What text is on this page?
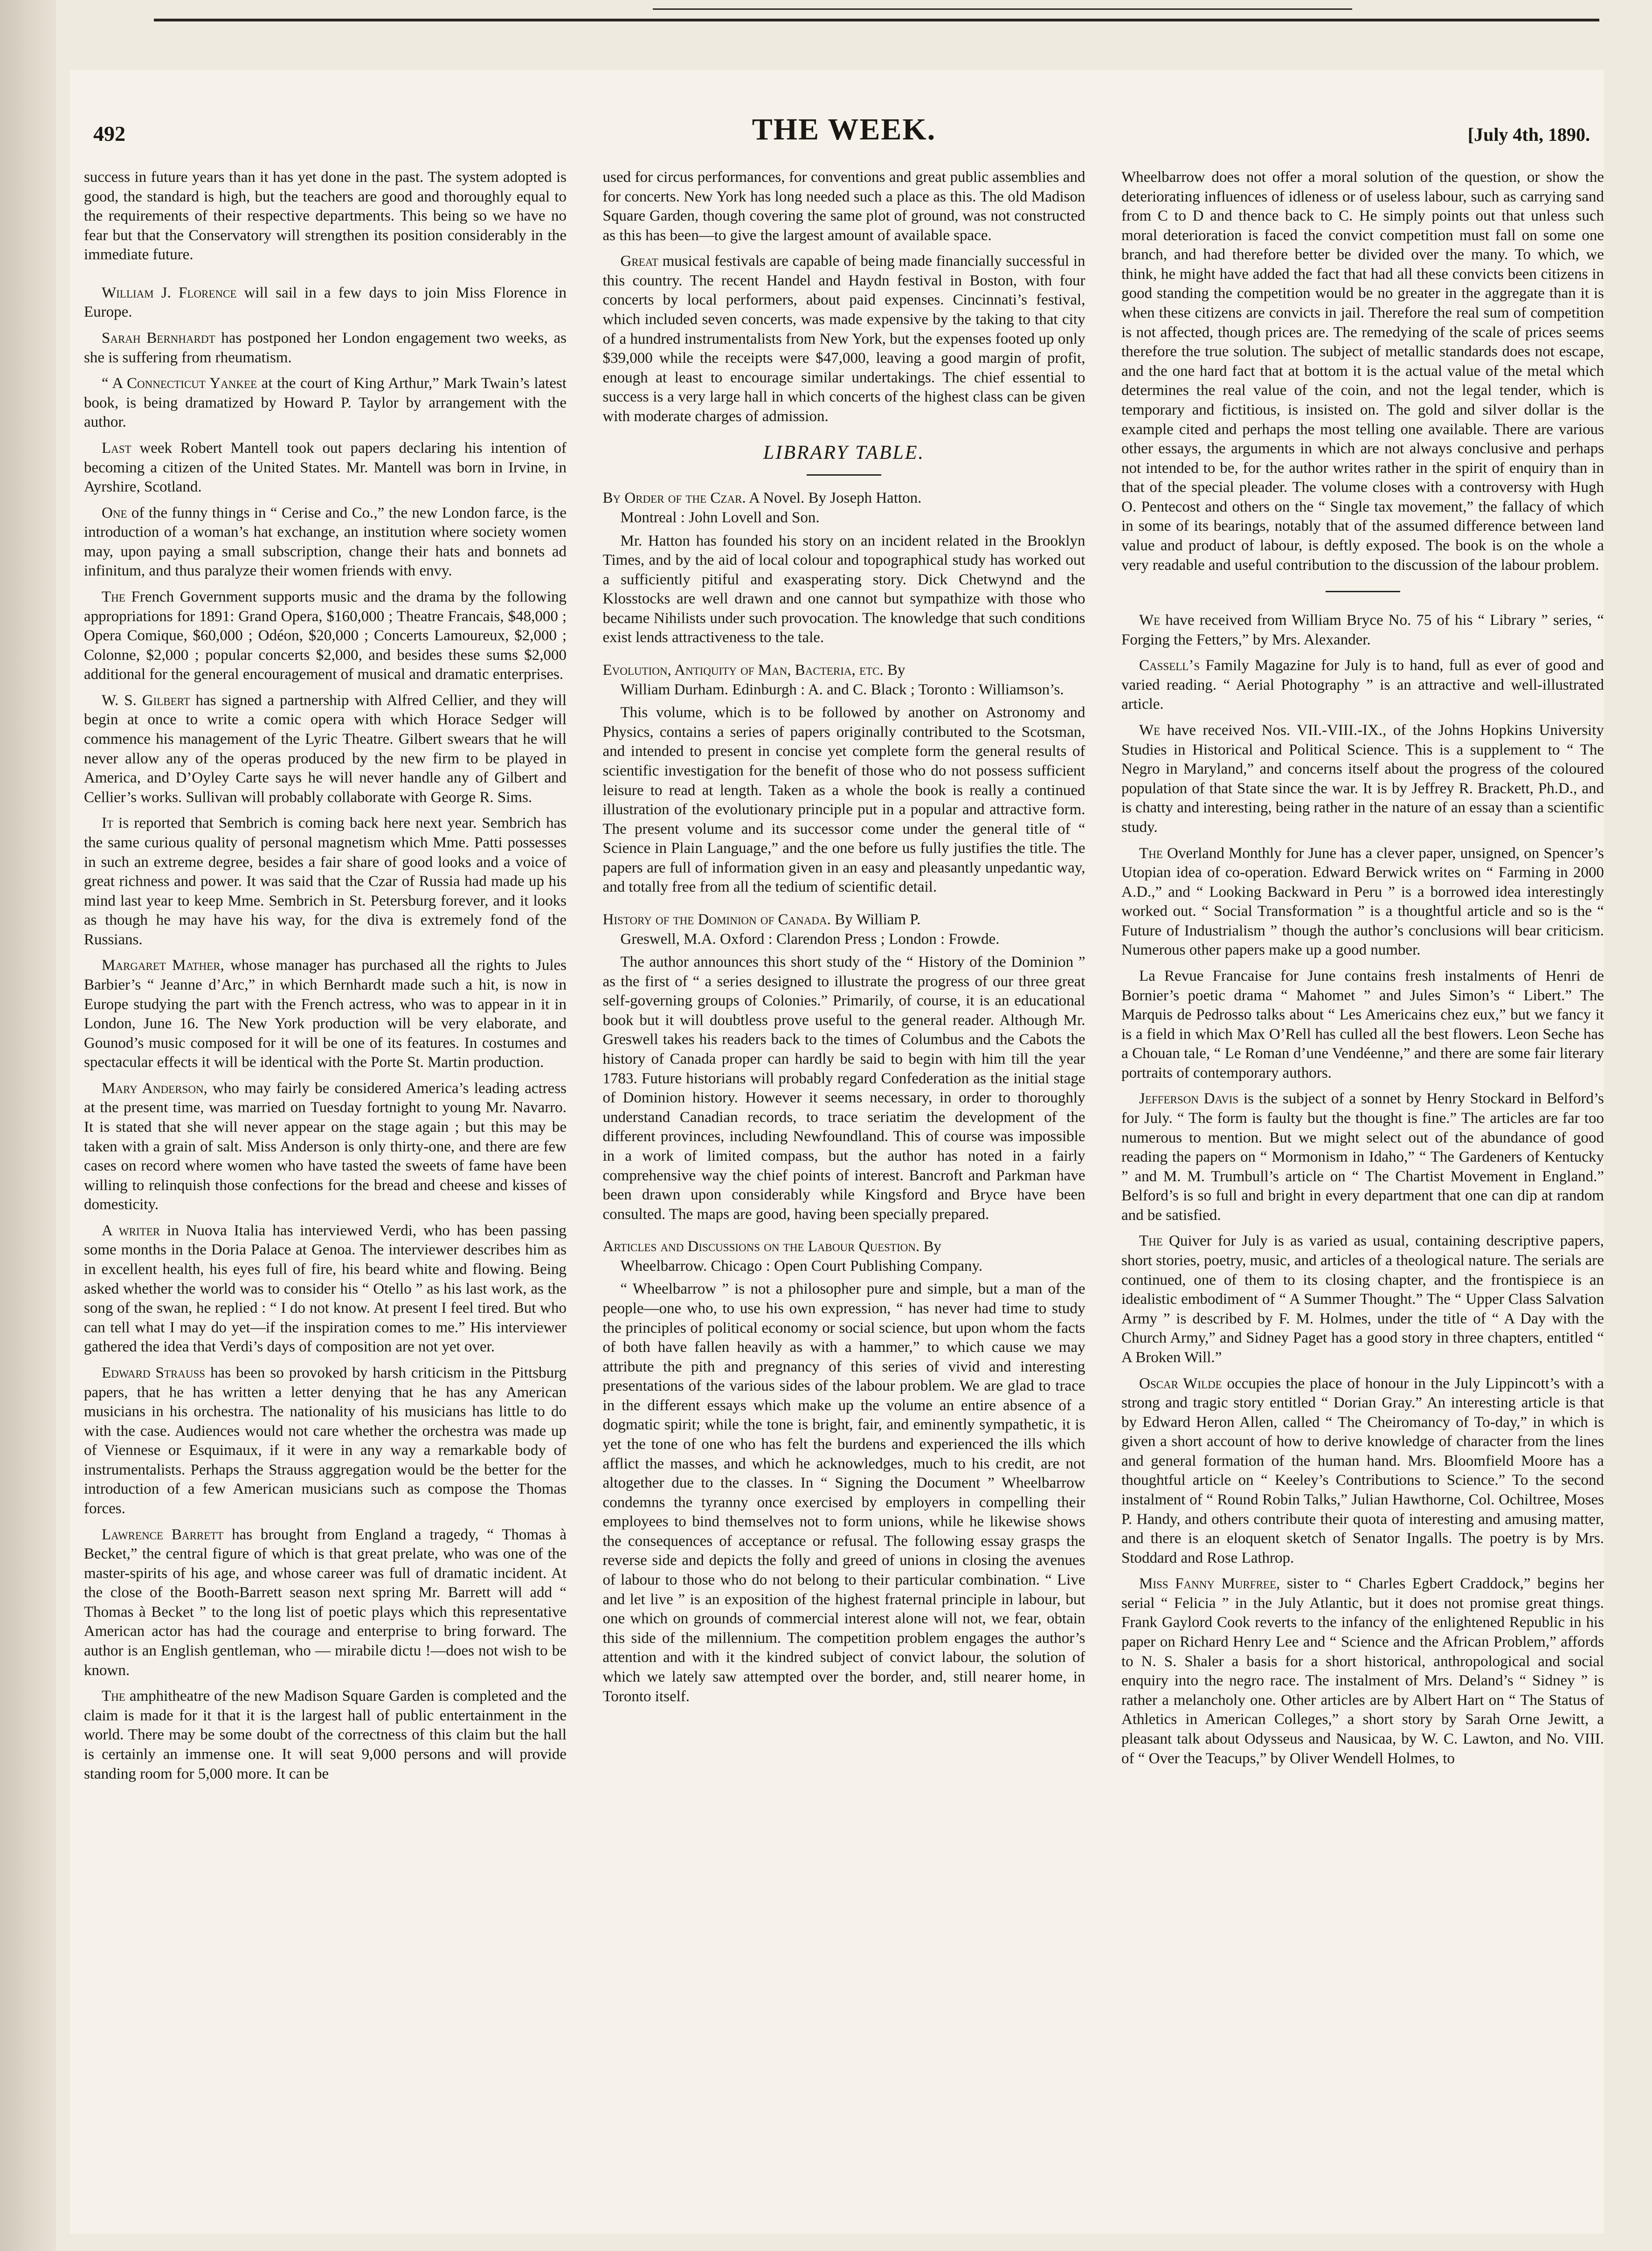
492	THE WEEK.	[July 4th, 1890.

success in future years than it has yet done in the past. The system adopted is good, the standard is high, but the teachers are good and thoroughly equal to the requirements of their respective departments. This being so we have no fear but that the Conservatory will strengthen its position considerably in the immediate future.

William J. Florence will sail in a few days to join Miss Florence in Europe.

Sarah Bernhardt has postponed her London engagement two weeks, as she is suffering from rheumatism.

“ A Connecticut Yankee at the court of King Arthur,” Mark Twain’s latest book, is being dramatized by Howard P. Taylor by arrangement with the author.

Last week Robert Mantell took out papers declaring his intention of becoming a citizen of the United States. Mr. Mantell was born in Irvine, in Ayrshire, Scotland.

One of the funny things in “ Cerise and Co.,” the new London farce, is the introduction of a woman’s hat exchange, an institution where society women may, upon paying a small subscription, change their hats and bonnets ad infinitum, and thus paralyze their women friends with envy.

The French Government supports music and the drama by the following appropriations for 1891: Grand Opera, $160,000 ; Theatre Francais, $48,000 ; Opera Comique, $60,000 ; Odéon, $20,000 ; Concerts Lamoureux, $2,000 ; Colonne, $2,000 ; popular concerts $2,000, and besides these sums $2,000 additional for the general encouragement of musical and dramatic enterprises.

W. S. Gilbert has signed a partnership with Alfred Cellier, and they will begin at once to write a comic opera with which Horace Sedger will commence his management of the Lyric Theatre. Gilbert swears that he will never allow any of the operas produced by the new firm to be played in America, and D’Oyley Carte says he will never handle any of Gilbert and Cellier’s works. Sullivan will probably collaborate with George R. Sims.

It is reported that Sembrich is coming back here next year. Sembrich has the same curious quality of personal magnetism which Mme. Patti possesses in such an extreme degree, besides a fair share of good looks and a voice of great richness and power. It was said that the Czar of Russia had made up his mind last year to keep Mme. Sembrich in St. Petersburg forever, and it looks as though he may have his way, for the diva is extremely fond of the Russians.

Margaret Mather, whose manager has purchased all the rights to Jules Barbier’s “ Jeanne d’Arc,” in which Bernhardt made such a hit, is now in Europe studying the part with the French actress, who was to appear in it in London, June 16. The New York production will be very elaborate, and Gounod’s music composed for it will be one of its features. In costumes and spectacular effects it will be identical with the Porte St. Martin production.

Mary Anderson, who may fairly be considered America’s leading actress at the present time, was married on Tuesday fortnight to young Mr. Navarro. It is stated that she will never appear on the stage again ; but this may be taken with a grain of salt. Miss Anderson is only thirty-one, and there are few cases on record where women who have tasted the sweets of fame have been willing to relinquish those confections for the bread and cheese and kisses of domesticity.

A writer in Nuova Italia has interviewed Verdi, who has been passing some months in the Doria Palace at Genoa. The interviewer describes him as in excellent health, his eyes full of fire, his beard white and flowing. Being asked whether the world was to consider his “ Otello ” as his last work, as the song of the swan, he replied : “ I do not know. At present I feel tired. But who can tell what I may do yet—if the inspiration comes to me.” His interviewer gathered the idea that Verdi’s days of composition are not yet over.

Edward Strauss has been so provoked by harsh criticism in the Pittsburg papers, that he has written a letter denying that he has any American musicians in his orchestra. The nationality of his musicians has little to do with the case. Audiences would not care whether the orchestra was made up of Viennese or Esquimaux, if it were in any way a remarkable body of instrumentalists. Perhaps the Strauss aggregation would be the better for the introduction of a few American musicians such as compose the Thomas forces.

Lawrence Barrett has brought from England a tragedy, “ Thomas à Becket,” the central figure of which is that great prelate, who was one of the master-spirits of his age, and whose career was full of dramatic incident. At the close of the Booth-Barrett season next spring Mr. Barrett will add “ Thomas à Becket ” to the long list of poetic plays which this representative American actor has had the courage and enterprise to bring forward. The author is an English gentleman, who — mirabile dictu !—does not wish to be known.

The amphitheatre of the new Madison Square Garden is completed and the claim is made for it that it is the largest hall of public entertainment in the world. There may be some doubt of the correctness of this claim but the hall is certainly an immense one. It will seat 9,000 persons and will provide standing room for 5,000 more. It can be

used for circus performances, for conventions and great public assemblies and for concerts. New York has long needed such a place as this. The old Madison Square Garden, though covering the same plot of ground, was not constructed as this has been—to give the largest amount of available space.

Great musical festivals are capable of being made financially successful in this country. The recent Handel and Haydn festival in Boston, with four concerts by local performers, about paid expenses. Cincinnati’s festival, which included seven concerts, was made expensive by the taking to that city of a hundred instrumentalists from New York, but the expenses footed up only $39,000 while the receipts were $47,000, leaving a good margin of profit, enough at least to encourage similar undertakings. The chief essential to success is a very large hall in which concerts of the highest class can be given with moderate charges of admission.

LIBRARY TABLE.
By Order of the Czar. A Novel. By Joseph Hatton.
Montreal : John Lovell and Son.

Mr. Hatton has founded his story on an incident related in the Brooklyn Times, and by the aid of local colour and topographical study has worked out a sufficiently pitiful and exasperating story. Dick Chetwynd and the Klosstocks are well drawn and one cannot but sympathize with those who became Nihilists under such provocation. The knowledge that such conditions exist lends attractiveness to the tale.

Evolution, Antiquity of Man, Bacteria, etc. By
William Durham. Edinburgh : A. and C. Black ; Toronto : Williamson’s.

This volume, which is to be followed by another on Astronomy and Physics, contains a series of papers originally contributed to the Scotsman, and intended to present in concise yet complete form the general results of scientific investigation for the benefit of those who do not possess sufficient leisure to read at length. Taken as a whole the book is really a continued illustration of the evolutionary principle put in a popular and attractive form. The present volume and its successor come under the general title of “ Science in Plain Language,” and the one before us fully justifies the title. The papers are full of information given in an easy and pleasantly unpedantic way, and totally free from all the tedium of scientific detail.

History of the Dominion of Canada. By William P.
Greswell, M.A. Oxford : Clarendon Press ; London : Frowde.

The author announces this short study of the “ History of the Dominion ” as the first of “ a series designed to illustrate the progress of our three great self-governing groups of Colonies.” Primarily, of course, it is an educational book but it will doubtless prove useful to the general reader. Although Mr. Greswell takes his readers back to the times of Columbus and the Cabots the history of Canada proper can hardly be said to begin with him till the year 1783. Future historians will probably regard Confederation as the initial stage of Dominion history. However it seems necessary, in order to thoroughly understand Canadian records, to trace seriatim the development of the different provinces, including Newfoundland. This of course was impossible in a work of limited compass, but the author has noted in a fairly comprehensive way the chief points of interest. Bancroft and Parkman have been drawn upon considerably while Kingsford and Bryce have been consulted. The maps are good, having been specially prepared.

Articles and Discussions on the Labour Question. By
Wheelbarrow. Chicago : Open Court Publishing Company.

“ Wheelbarrow ” is not a philosopher pure and simple, but a man of the people—one who, to use his own expression, “ has never had time to study the principles of political economy or social science, but upon whom the facts of both have fallen heavily as with a hammer,” to which cause we may attribute the pith and pregnancy of this series of vivid and interesting presentations of the various sides of the labour problem. We are glad to trace in the different essays which make up the volume an entire absence of a dogmatic spirit; while the tone is bright, fair, and eminently sympathetic, it is yet the tone of one who has felt the burdens and experienced the ills which afflict the masses, and which he acknowledges, much to his credit, are not altogether due to the classes. In “ Signing the Document ” Wheelbarrow condemns the tyranny once exercised by employers in compelling their employees to bind themselves not to form unions, while he likewise shows the consequences of acceptance or refusal. The following essay grasps the reverse side and depicts the folly and greed of unions in closing the avenues of labour to those who do not belong to their particular combination. “ Live and let live ” is an exposition of the highest fraternal principle in labour, but one which on grounds of commercial interest alone will not, we fear, obtain this side of the millennium. The competition problem engages the author’s attention and with it the kindred subject of convict labour, the solution of which we lately saw attempted over the border, and, still nearer home, in Toronto itself.

Wheelbarrow does not offer a moral solution of the question, or show the deteriorating influences of idleness or of useless labour, such as carrying sand from C to D and thence back to C. He simply points out that unless such moral deterioration is faced the convict competition must fall on some one branch, and had therefore better be divided over the many. To which, we think, he might have added the fact that had all these convicts been citizens in good standing the competition would be no greater in the aggregate than it is when these citizens are convicts in jail. Therefore the real sum of competition is not affected, though prices are. The remedying of the scale of prices seems therefore the true solution. The subject of metallic standards does not escape, and the one hard fact that at bottom it is the actual value of the metal which determines the real value of the coin, and not the legal tender, which is temporary and fictitious, is insisted on. The gold and silver dollar is the example cited and perhaps the most telling one available. There are various other essays, the arguments in which are not always conclusive and perhaps not intended to be, for the author writes rather in the spirit of enquiry than in that of the special pleader. The volume closes with a controversy with Hugh O. Pentecost and others on the “ Single tax movement,” the fallacy of which in some of its bearings, notably that of the assumed difference between land value and product of labour, is deftly exposed. The book is on the whole a very readable and useful contribution to the discussion of the labour problem.

We have received from William Bryce No. 75 of his “ Library ” series, “ Forging the Fetters,” by Mrs. Alexander.

Cassell’s Family Magazine for July is to hand, full as ever of good and varied reading. “ Aerial Photography ” is an attractive and well-illustrated article.

We have received Nos. VII.-VIII.-IX., of the Johns Hopkins University Studies in Historical and Political Science. This is a supplement to “ The Negro in Maryland,” and concerns itself about the progress of the coloured population of that State since the war. It is by Jeffrey R. Brackett, Ph.D., and is chatty and interesting, being rather in the nature of an essay than a scientific study.

The Overland Monthly for June has a clever paper, unsigned, on Spencer’s Utopian idea of co-operation. Edward Berwick writes on “ Farming in 2000 A.D.,” and “ Looking Backward in Peru ” is a borrowed idea interestingly worked out. “ Social Transformation ” is a thoughtful article and so is the “ Future of Industrialism ” though the author’s conclusions will bear criticism. Numerous other papers make up a good number.

La Revue Francaise for June contains fresh instalments of Henri de Bornier’s poetic drama “ Mahomet ” and Jules Simon’s “ Libert.” The Marquis de Pedrosso talks about “ Les Americains chez eux,” but we fancy it is a field in which Max O’Rell has culled all the best flowers. Leon Seche has a Chouan tale, “ Le Roman d’une Vendéenne,” and there are some fair literary portraits of contemporary authors.

Jefferson Davis is the subject of a sonnet by Henry Stockard in Belford’s for July. “ The form is faulty but the thought is fine.” The articles are far too numerous to mention. But we might select out of the abundance of good reading the papers on “ Mormonism in Idaho,” “ The Gardeners of Kentucky ” and M. M. Trumbull’s article on “ The Chartist Movement in England.” Belford’s is so full and bright in every department that one can dip at random and be satisfied.

The Quiver for July is as varied as usual, containing descriptive papers, short stories, poetry, music, and articles of a theological nature. The serials are continued, one of them to its closing chapter, and the frontispiece is an idealistic embodiment of “ A Summer Thought.” The “ Upper Class Salvation Army ” is described by F. M. Holmes, under the title of “ A Day with the Church Army,” and Sidney Paget has a good story in three chapters, entitled “ A Broken Will.”

Oscar Wilde occupies the place of honour in the July Lippincott’s with a strong and tragic story entitled “ Dorian Gray.” An interesting article is that by Edward Heron Allen, called “ The Cheiromancy of To-day,” in which is given a short account of how to derive knowledge of character from the lines and general formation of the human hand. Mrs. Bloomfield Moore has a thoughtful article on “ Keeley’s Contributions to Science.” To the second instalment of “ Round Robin Talks,” Julian Hawthorne, Col. Ochiltree, Moses P. Handy, and others contribute their quota of interesting and amusing matter, and there is an eloquent sketch of Senator Ingalls. The poetry is by Mrs. Stoddard and Rose Lathrop.

Miss Fanny Murfree, sister to “ Charles Egbert Craddock,” begins her serial “ Felicia ” in the July Atlantic, but it does not promise great things. Frank Gaylord Cook reverts to the infancy of the enlightened Republic in his paper on Richard Henry Lee and “ Science and the African Problem,” affords to N. S. Shaler a basis for a short historical, anthropological and social enquiry into the negro race. The instalment of Mrs. Deland’s “ Sidney ” is rather a melancholy one. Other articles are by Albert Hart on “ The Status of Athletics in American Colleges,” a short story by Sarah Orne Jewitt, a pleasant talk about Odysseus and Nausicaa, by W. C. Lawton, and No. VIII. of “ Over the Teacups,” by Oliver Wendell Holmes, to
